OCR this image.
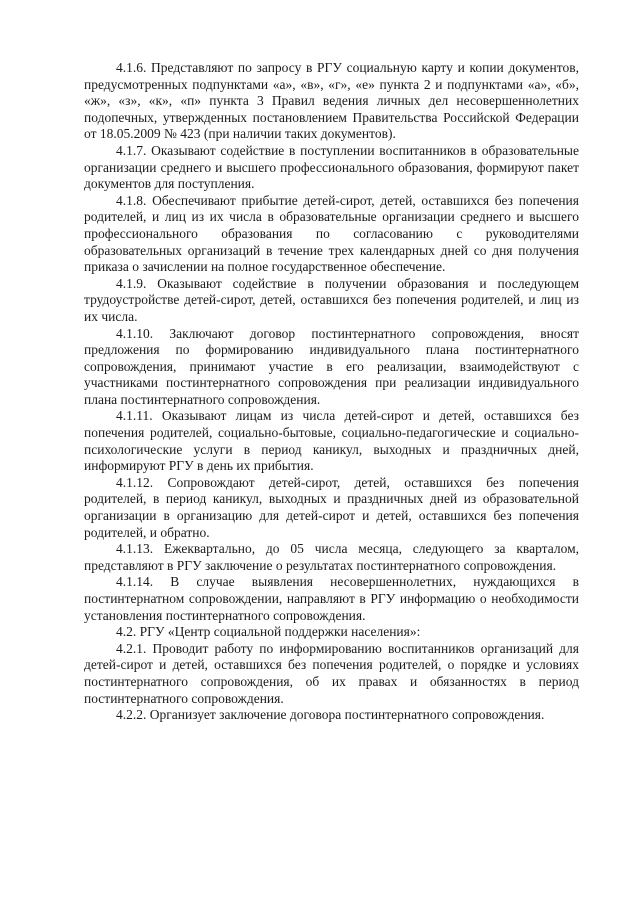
4.1.6. Представляют по запросу в РГУ социальную карту и копии документов, предусмотренных подпунктами «а», «в», «г», «е» пункта 2 и подпунктами «а», «б», «ж», «з», «к», «п» пункта 3 Правил ведения личных дел несовершеннолетних подопечных, утвержденных постановлением Правительства Российской Федерации от 18.05.2009 № 423 (при наличии таких документов).

4.1.7. Оказывают содействие в поступлении воспитанников в образовательные организации среднего и высшего профессионального образования, формируют пакет документов для поступления.

4.1.8. Обеспечивают прибытие детей-сирот, детей, оставшихся без попечения родителей, и лиц из их числа в образовательные организации среднего и высшего профессионального образования по согласованию с руководителями образовательных организаций в течение трех календарных дней со дня получения приказа о зачислении на полное государственное обеспечение.

4.1.9. Оказывают содействие в получении образования и последующем трудоустройстве детей-сирот, детей, оставшихся без попечения родителей, и лиц из их числа.

4.1.10. Заключают договор постинтернатного сопровождения, вносят предложения по формированию индивидуального плана постинтернатного сопровождения, принимают участие в его реализации, взаимодействуют с участниками постинтернатного сопровождения при реализации индивидуального плана постинтернатного сопровождения.

4.1.11. Оказывают лицам из числа детей-сирот и детей, оставшихся без попечения родителей, социально-бытовые, социально-педагогические и социально-психологические услуги в период каникул, выходных и праздничных дней, информируют РГУ в день их прибытия.

4.1.12. Сопровождают детей-сирот, детей, оставшихся без попечения родителей, в период каникул, выходных и праздничных дней из образовательной организации в организацию для детей-сирот и детей, оставшихся без попечения родителей, и обратно.

4.1.13. Ежеквартально, до 05 числа месяца, следующего за кварталом, представляют в РГУ заключение о результатах постинтернатного сопровождения.

4.1.14. В случае выявления несовершеннолетних, нуждающихся в постинтернатном сопровождении, направляют в РГУ информацию о необходимости установления постинтернатного сопровождения.

4.2. РГУ «Центр социальной поддержки населения»:

4.2.1. Проводит работу по информированию воспитанников организаций для детей-сирот и детей, оставшихся без попечения родителей, о порядке и условиях постинтернатного сопровождения, об их правах и обязанностях в период постинтернатного сопровождения.

4.2.2. Организует заключение договора постинтернатного сопровождения.
